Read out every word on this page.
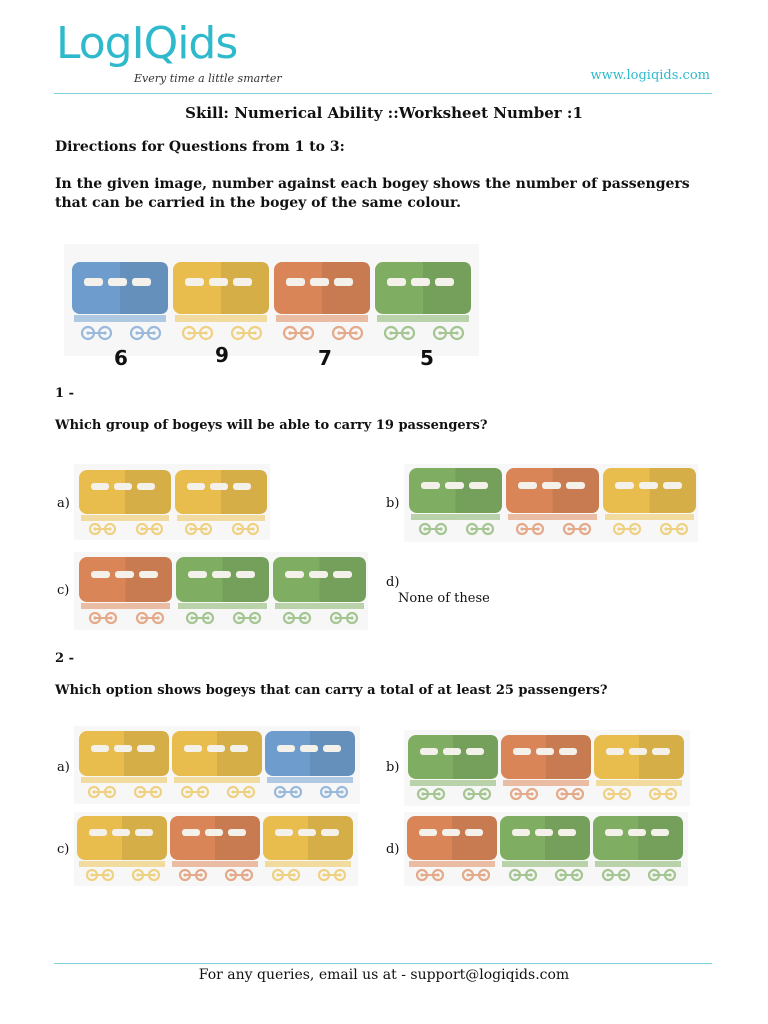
LogIQids
Every time a little smarter	www.logiqids.com
Skill: Numerical Ability ::Worksheet Number :1
Directions for Questions from 1 to 3:
In the given image, number against each bogey shows the number of passengers that can be carried in the bogey of the same colour.
6	9	7	5
1 -
Which group of bogeys will be able to carry 19 passengers?
a)	b)
c)
d)
None of these
2 -
Which option shows bogeys that can carry a total of at least 25 passengers?
a)	b)
c)	d)
For any queries, email us at - support@logiqids.com
